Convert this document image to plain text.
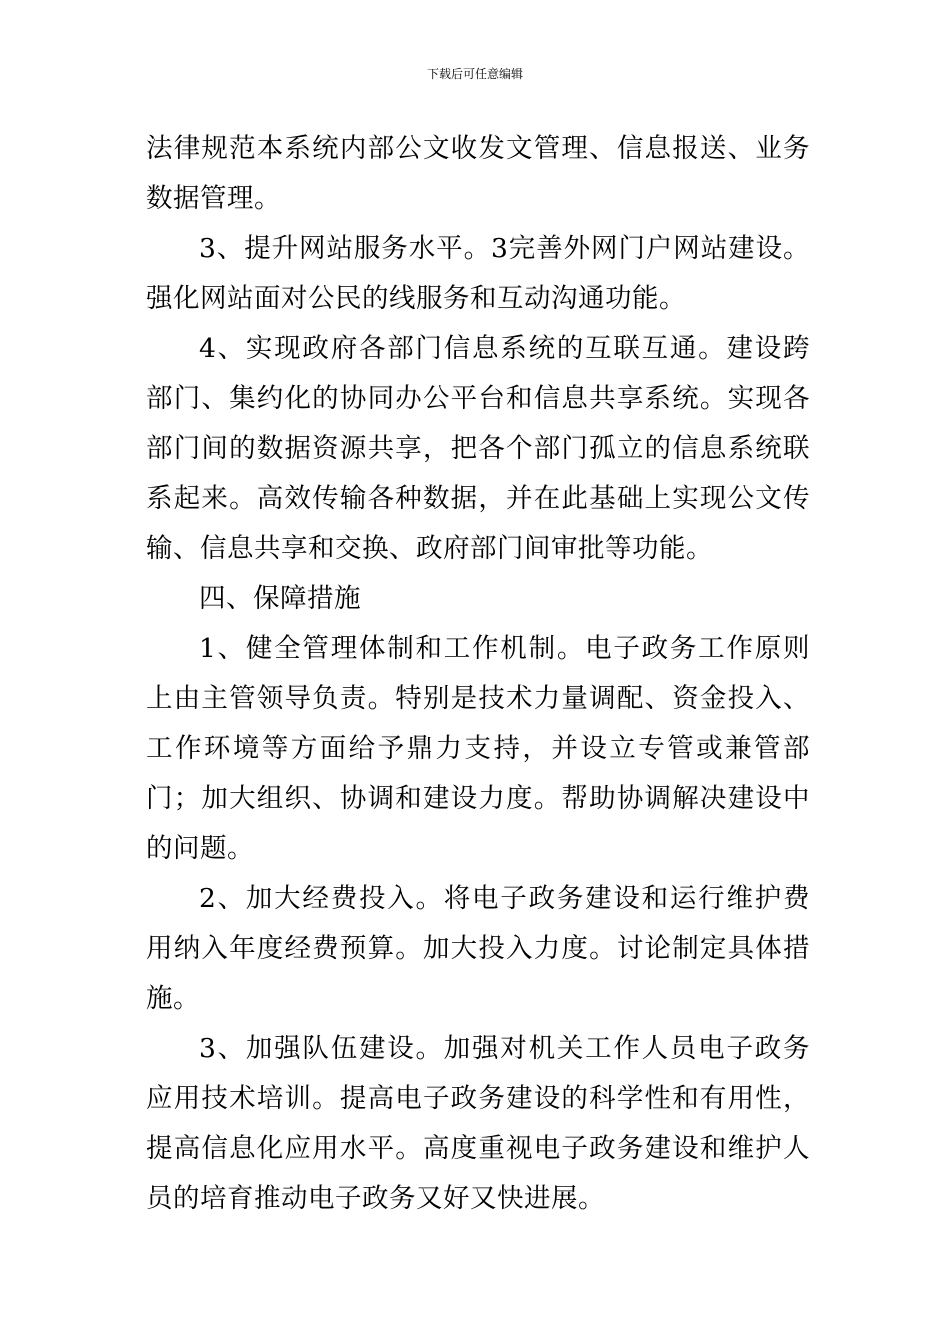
下载后可任意编辑

法律规范本系统内部公文收发文管理、信息报送、业务数据管理。

3、提升网站服务水平。3完善外网门户网站建设。强化网站面对公民的线服务和互动沟通功能。

4、实现政府各部门信息系统的互联互通。建设跨部门、集约化的协同办公平台和信息共享系统。实现各部门间的数据资源共享，把各个部门孤立的信息系统联系起来。高效传输各种数据，并在此基础上实现公文传输、信息共享和交换、政府部门间审批等功能。

四、保障措施

1、健全管理体制和工作机制。电子政务工作原则上由主管领导负责。特别是技术力量调配、资金投入、工作环境等方面给予鼎力支持，并设立专管或兼管部门；加大组织、协调和建设力度。帮助协调解决建设中的问题。

2、加大经费投入。将电子政务建设和运行维护费用纳入年度经费预算。加大投入力度。讨论制定具体措施。

3、加强队伍建设。加强对机关工作人员电子政务应用技术培训。提高电子政务建设的科学性和有用性，提高信息化应用水平。高度重视电子政务建设和维护人员的培育推动电子政务又好又快进展。
